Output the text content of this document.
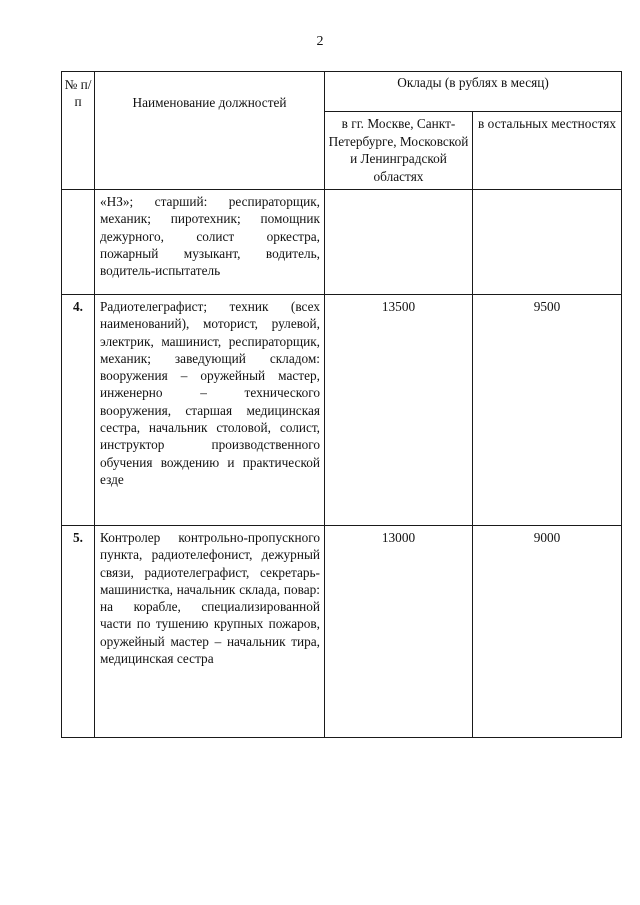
2
№ п/п	Наименование должностей	Оклады (в рублях в месяц)	
		в гг. Москве, Санкт-Петербурге, Московской и Ленинградской областях	в остальных местностях
	«НЗ»; старший: респираторщик, механик; пиротехник; помощник дежурного, солист оркестра, пожарный музыкант, водитель, водитель-испытатель		
4.	Радиотелеграфист; техник (всех наименований), моторист, рулевой, электрик, машинист, респираторщик, механик; заведующий складом: вооружения – оружейный мастер, инженерно – технического вооружения, старшая медицинская сестра, начальник столовой, солист, инструктор производственного обучения вождению и практической езде	13500	9500
5.	Контролер контрольно-пропускного пункта, радиотелефонист, дежурный связи, радиотелеграфист, секретарь-машинистка, начальник склада, повар: на корабле, специализированной части по тушению крупных пожаров, оружейный мастер – начальник тира, медицинская сестра	13000	9000
